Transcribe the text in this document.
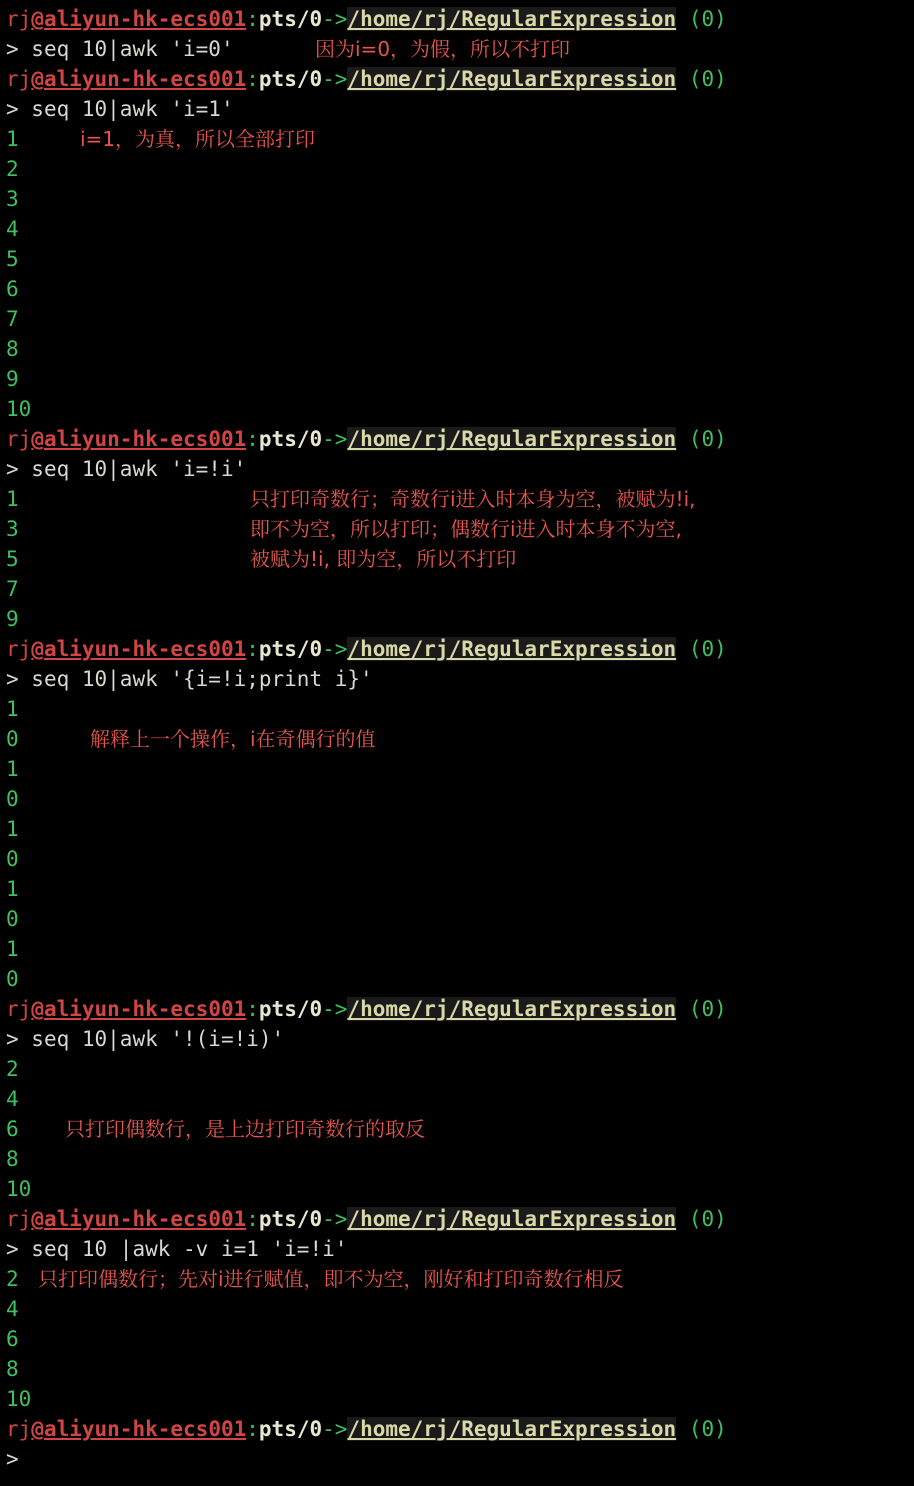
rj@aliyun-hk-ecs001:pts/0->/home/rj/RegularExpression (0)
> seq 10|awk 'i=0'	因为i=0，为假，所以不打印
rj@aliyun-hk-ecs001:pts/0->/home/rj/RegularExpression (0)
> seq 10|awk 'i=1'
1	i=1，为真，所以全部打印
2
3
4
5
6
7
8
9
10
rj@aliyun-hk-ecs001:pts/0->/home/rj/RegularExpression (0)
> seq 10|awk 'i=!i'
1
3
只打印奇数行；奇数行i进入时本身为空，被赋为!i,
5
即不为空，所以打印；偶数行i进入时本身不为空,
7
被赋为!i, 即为空，所以不打印
9
rj@aliyun-hk-ecs001:pts/0->/home/rj/RegularExpression (0)
> seq 10|awk '{i=!i;print i}'
1
0	解释上一个操作，i在奇偶行的值
1
0
1
0
1
0
1
0
rj@aliyun-hk-ecs001:pts/0->/home/rj/RegularExpression (0)
> seq 10|awk '!(i=!i)'
2
4
6 只打印偶数行，是上边打印奇数行的取反
8
10
rj@aliyun-hk-ecs001:pts/0->/home/rj/RegularExpression (0)
> seq 10 |awk -v i=1 'i=!i'
2 只打印偶数行；先对i进行赋值，即不为空，刚好和打印奇数行相反
4
6
8
10
rj@aliyun-hk-ecs001:pts/0->/home/rj/RegularExpression (0)
>
